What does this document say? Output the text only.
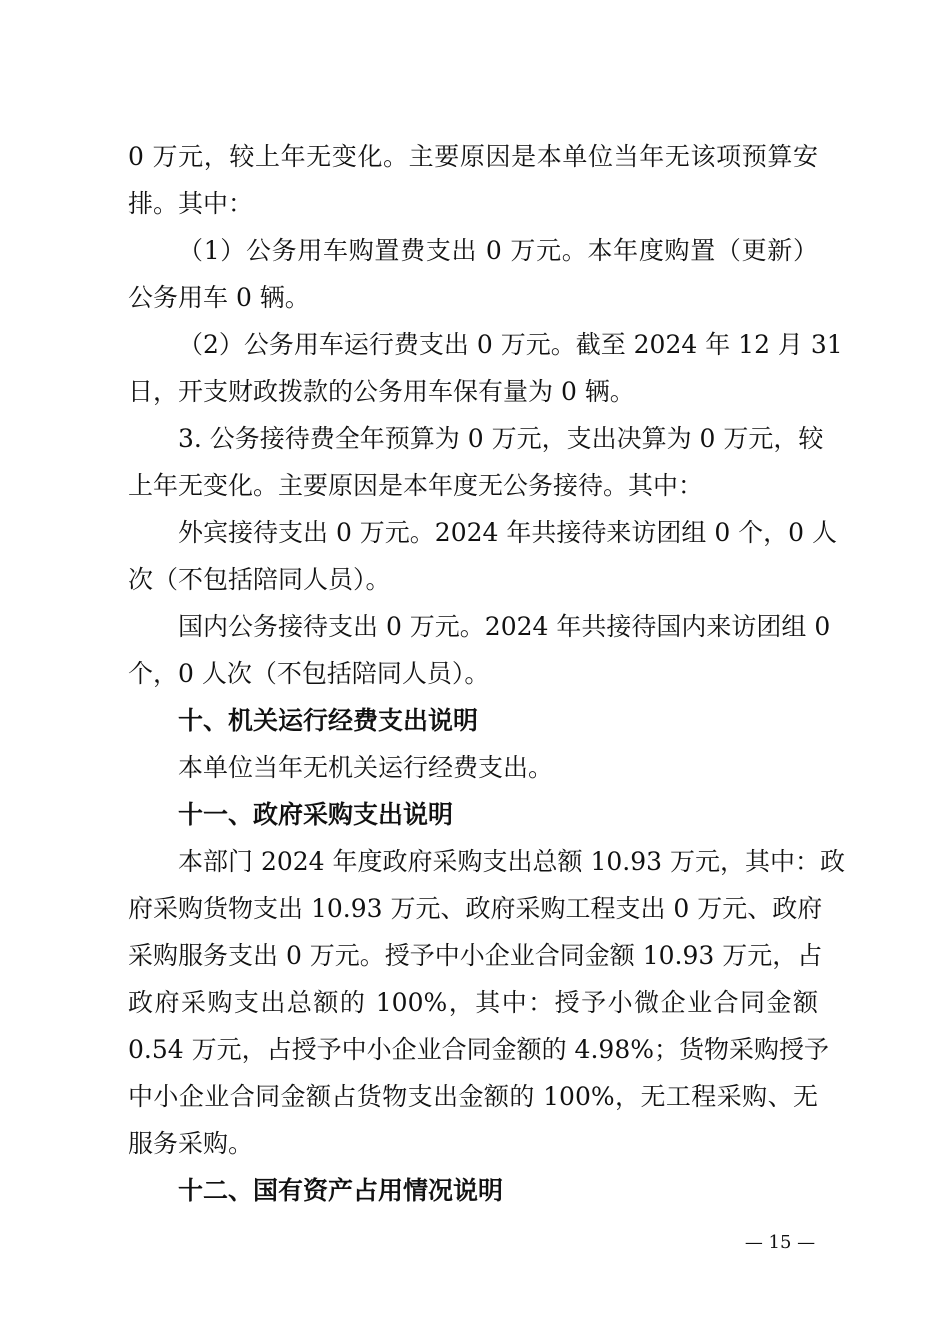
0 万元，较上年无变化。主要原因是本单位当年无该项预算安
排。其中：
（1）公务用车购置费支出 0 万元。本年度购置（更新）
公务用车 0 辆。
（2）公务用车运行费支出 0 万元。截至 2024 年 12 月 31
日，开支财政拨款的公务用车保有量为 0 辆。
3. 公务接待费全年预算为 0 万元，支出决算为 0 万元，较
上年无变化。主要原因是本年度无公务接待。其中：
外宾接待支出 0 万元。2024 年共接待来访团组 0 个，0 人
次（不包括陪同人员）。
国内公务接待支出 0 万元。2024 年共接待国内来访团组 0
个，0 人次（不包括陪同人员）。
十、机关运行经费支出说明
本单位当年无机关运行经费支出。
十一、政府采购支出说明
本部门 2024 年度政府采购支出总额 10.93 万元，其中：政
府采购货物支出 10.93 万元、政府采购工程支出 0 万元、政府
采购服务支出 0 万元。授予中小企业合同金额 10.93 万元，占
政府采购支出总额的 100%，其中：授予小微企业合同金额
0.54 万元，占授予中小企业合同金额的 4.98%；货物采购授予
中小企业合同金额占货物支出金额的 100%，无工程采购、无
服务采购。
十二、国有资产占用情况说明
— 15 —
